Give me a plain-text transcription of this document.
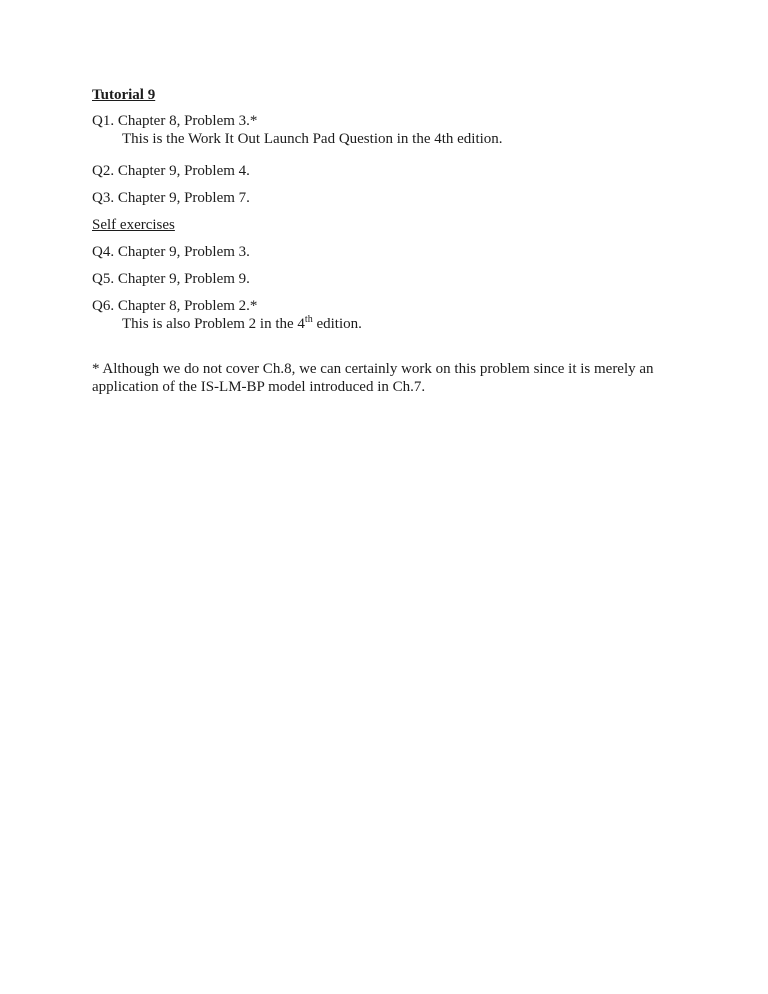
Tutorial 9
Q1. Chapter 8, Problem 3.*
This is the Work It Out Launch Pad Question in the 4th edition.
Q2. Chapter 9, Problem 4.
Q3. Chapter 9, Problem 7.
Self exercises
Q4. Chapter 9, Problem 3.
Q5. Chapter 9, Problem 9.
Q6. Chapter 8, Problem 2.*
This is also Problem 2 in the 4th edition.
* Although we do not cover Ch.8, we can certainly work on this problem since it is merely an
application of the IS-LM-BP model introduced in Ch.7.
